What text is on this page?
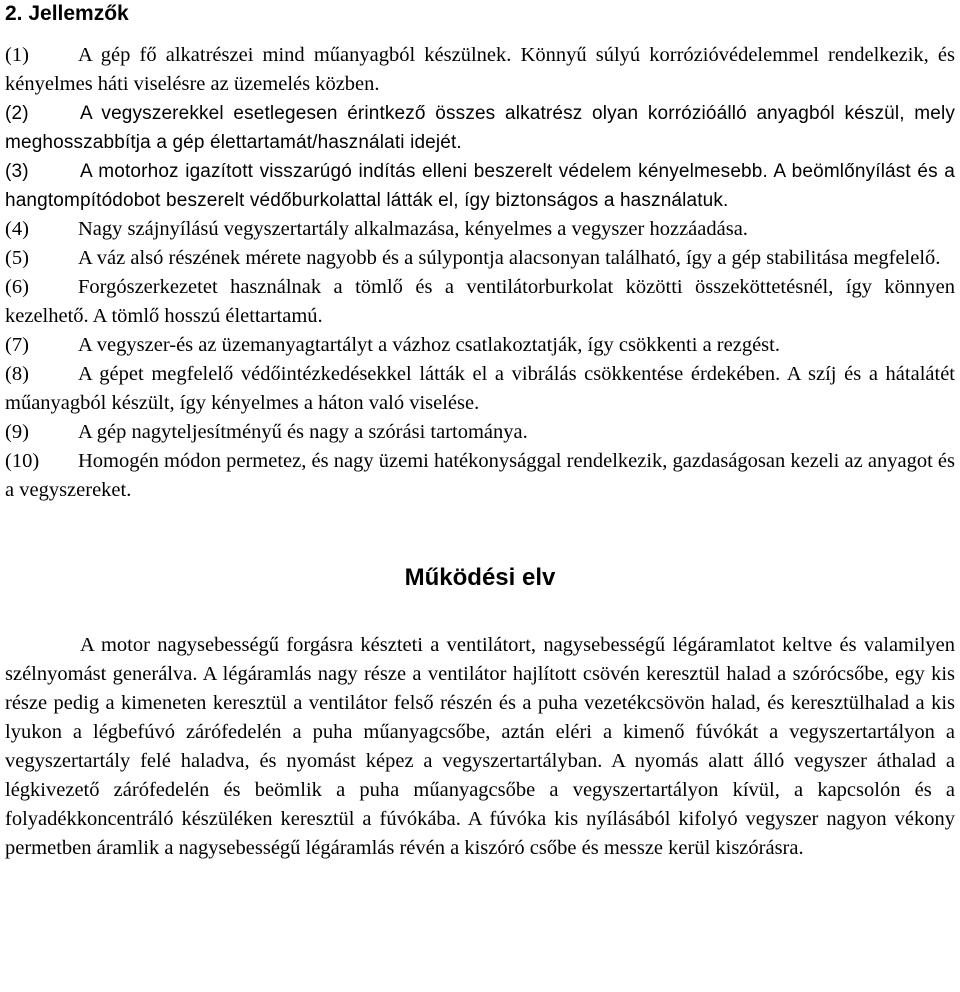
2. Jellemzők

(1) A gép fő alkatrészei mind műanyagból készülnek. Könnyű súlyú korrózióvédelemmel rendelkezik, és kényelmes háti viselésre az üzemelés közben.

(2)	A vegyszerekkel esetlegesen érintkező összes alkatrész olyan korrózióálló anyagból készül, mely meghosszabbítja a gép élettartamát/használati idejét.

(3)	A motorhoz igazított visszarúgó indítás elleni beszerelt védelem kényelmesebb. A beömlőnyílást és a hangtompítódobot beszerelt védőburkolattal látták el, így biztonságos a használatuk.

(4) Nagy szájnyílású vegyszertartály alkalmazása, kényelmes a vegyszer hozzáadása.

(5) A váz alsó részének mérete nagyobb és a súlypontja alacsonyan található, így a gép stabilitása megfelelő.

(6) Forgószerkezetet használnak a tömlő és a ventilátorburkolat közötti összeköttetésnél, így könnyen kezelhető. A tömlő hosszú élettartamú.

(7) A vegyszer-és az üzemanyagtartályt a vázhoz csatlakoztatják, így csökkenti a rezgést.

(8) A gépet megfelelő védőintézkedésekkel látták el a vibrálás csökkentése érdekében. A szíj és a hátalátét műanyagból készült, így kényelmes a háton való viselése.

(9) A gép nagyteljesítményű és nagy a szórási tartománya.

(10) Homogén módon permetez, és nagy üzemi hatékonysággal rendelkezik, gazdaságosan kezeli az anyagot és a vegyszereket.

Működési elv

A motor nagysebességű forgásra készteti a ventilátort, nagysebességű légáramlatot keltve és valamilyen szélnyomást generálva. A légáramlás nagy része a ventilátor hajlított csövén keresztül halad a szórócsőbe, egy kis része pedig a kimeneten keresztül a ventilátor felső részén és a puha vezetékcsövön halad, és keresztülhalad a kis lyukon a légbefúvó zárófedelén a puha műanyagcsőbe, aztán eléri a kimenő fúvókát a vegyszertartályon a vegyszertartály felé haladva, és nyomást képez a vegyszertartályban. A nyomás alatt álló vegyszer áthalad a légkivezető zárófedelén és beömlik a puha műanyagcsőbe a vegyszertartályon kívül, a kapcsolón és a folyadékkoncentráló készüléken keresztül a fúvókába. A fúvóka kis nyílásából kifolyó vegyszer nagyon vékony permetben áramlik a nagysebességű légáramlás révén a kiszóró csőbe és messze kerül kiszórásra.
